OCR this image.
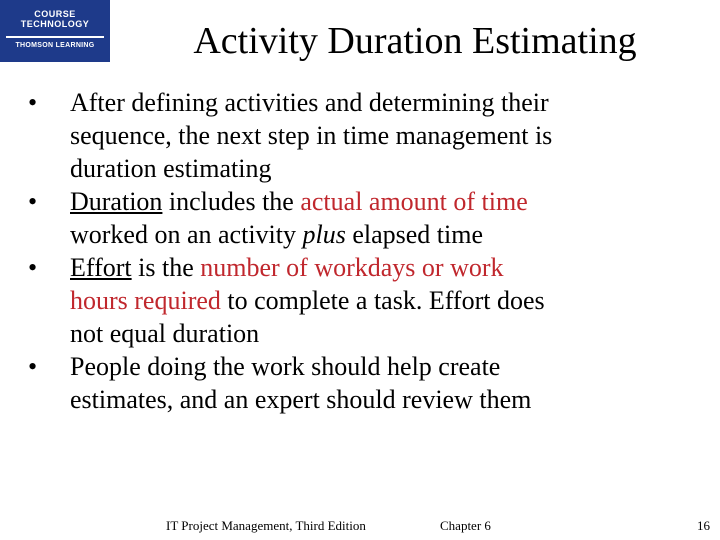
COURSE
TECHNOLOGY
THOMSON LEARNING	Activity Duration Estimating
• After defining activities and determining their
sequence, the next step in time management is
duration estimating
• Duration includes the actual amount of time
worked on an activity plus elapsed time
• Effort is the number of workdays or work
hours required to complete a task. Effort does
not equal duration
• People doing the work should help create
estimates, and an expert should review them
IT Project Management, Third Edition	Chapter 6	16
